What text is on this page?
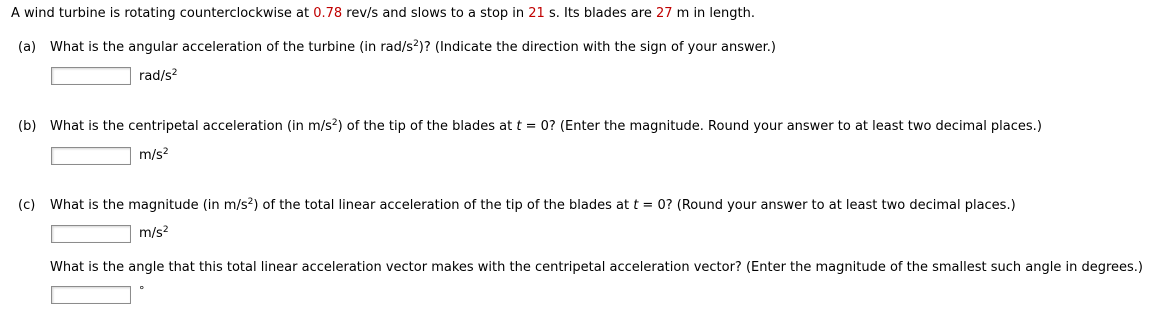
A wind turbine is rotating counterclockwise at 0.78 rev/s and slows to a stop in 21 s. Its blades are 27 m in length.
(a) What is the angular acceleration of the turbine (in rad/$s^2$)? (Indicate the direction with the sign of your answer.)
rad/$s^2$
(b) What is the centripetal acceleration (in $m/s^2$) of the tip of the blades at t = 0? (Enter the magnitude. Round your answer to at least two decimal places.)
$m/s^2$
(c) What is the magnitude (in $m/s^2$) of the total linear acceleration of the tip of the blades at t = 0? (Round your answer to at least two decimal places.)
$m/s^2$
What is the angle that this total linear acceleration vector makes with the centripetal acceleration vector? (Enter the magnitude of the smallest such angle in degrees.)
°
